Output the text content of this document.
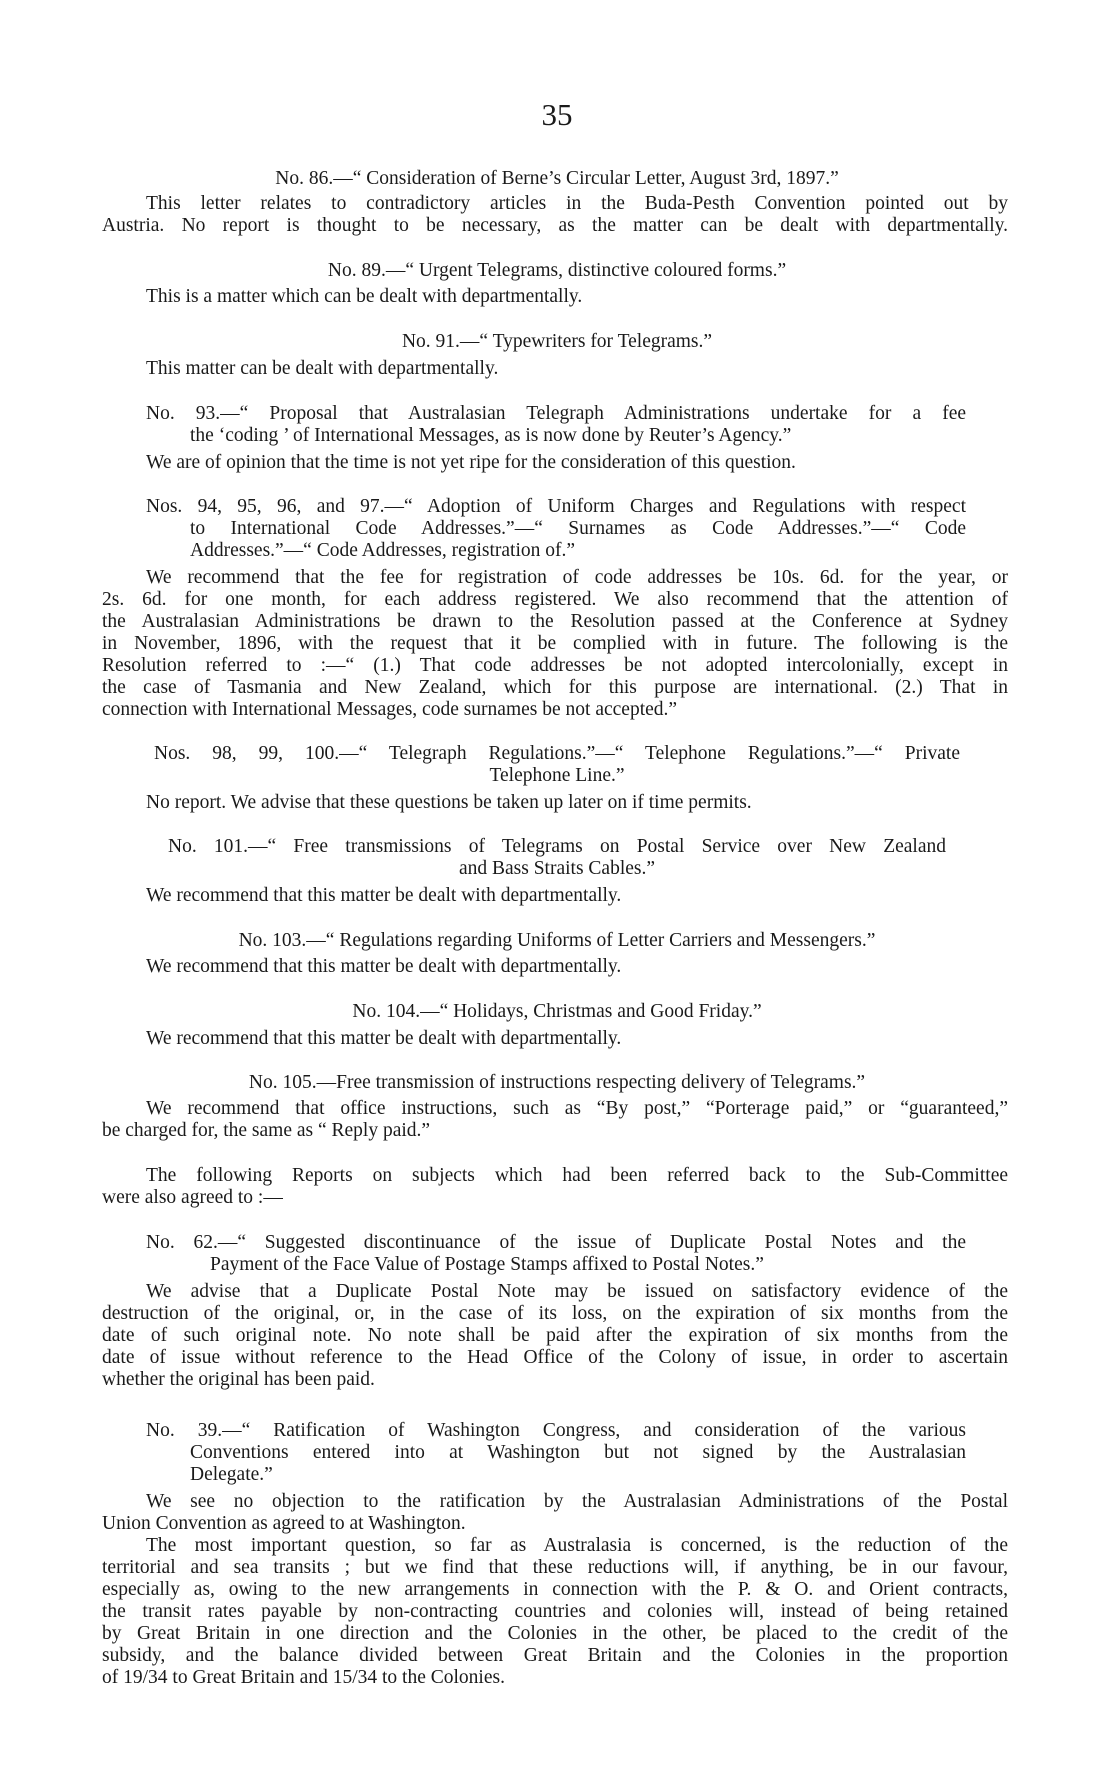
35
No. 86.—“ Consideration of Berne’s Circular Letter, August 3rd, 1897.”
This letter relates to contradictory articles in the Buda-Pesth Convention pointed out by
Austria. No report is thought to be necessary, as the matter can be dealt with departmentally.
No. 89.—“ Urgent Telegrams, distinctive coloured forms.”
This is a matter which can be dealt with departmentally.
No. 91.—“ Typewriters for Telegrams.”
This matter can be dealt with departmentally.
No. 93.—“ Proposal that Australasian Telegraph Administrations undertake for a fee
the ‘coding ’ of International Messages, as is now done by Reuter’s Agency.”
We are of opinion that the time is not yet ripe for the consideration of this question.
Nos. 94, 95, 96, and 97.—“ Adoption of Uniform Charges and Regulations with respect
to International Code Addresses.”—“ Surnames as Code Addresses.”—“ Code
Addresses.”—“ Code Addresses, registration of.”
We recommend that the fee for registration of code addresses be 10s. 6d. for the year, or
2s. 6d. for one month, for each address registered. We also recommend that the attention of
the Australasian Administrations be drawn to the Resolution passed at the Conference at Sydney
in November, 1896, with the request that it be complied with in future. The following is the
Resolution referred to :—“ (1.) That code addresses be not adopted intercolonially, except in
the case of Tasmania and New Zealand, which for this purpose are international. (2.) That in
connection with International Messages, code surnames be not accepted.”
Nos. 98, 99, 100.—“ Telegraph Regulations.”—“ Telephone Regulations.”—“ Private
Telephone Line.”
No report. We advise that these questions be taken up later on if time permits.
No. 101.—“ Free transmissions of Telegrams on Postal Service over New Zealand
and Bass Straits Cables.”
We recommend that this matter be dealt with departmentally.
No. 103.—“ Regulations regarding Uniforms of Letter Carriers and Messengers.”
We recommend that this matter be dealt with departmentally.
No. 104.—“ Holidays, Christmas and Good Friday.”
We recommend that this matter be dealt with departmentally.
No. 105.—Free transmission of instructions respecting delivery of Telegrams.”
We recommend that office instructions, such as “By post,” “Porterage paid,” or “guaranteed,”
be charged for, the same as “ Reply paid.”
The following Reports on subjects which had been referred back to the Sub-Committee
were also agreed to :—
No. 62.—“ Suggested discontinuance of the issue of Duplicate Postal Notes and the
Payment of the Face Value of Postage Stamps affixed to Postal Notes.”
We advise that a Duplicate Postal Note may be issued on satisfactory evidence of the
destruction of the original, or, in the case of its loss, on the expiration of six months from the
date of such original note. No note shall be paid after the expiration of six months from the
date of issue without reference to the Head Office of the Colony of issue, in order to ascertain
whether the original has been paid.
No. 39.—“ Ratification of Washington Congress, and consideration of the various
Conventions entered into at Washington but not signed by the Australasian
Delegate.”
We see no objection to the ratification by the Australasian Administrations of the Postal
Union Convention as agreed to at Washington.
The most important question, so far as Australasia is concerned, is the reduction of the
territorial and sea transits ; but we find that these reductions will, if anything, be in our favour,
especially as, owing to the new arrangements in connection with the P. & O. and Orient contracts,
the transit rates payable by non-contracting countries and colonies will, instead of being retained
by Great Britain in one direction and the Colonies in the other, be placed to the credit of the
subsidy, and the balance divided between Great Britain and the Colonies in the proportion
of 19/34 to Great Britain and 15/34 to the Colonies.
